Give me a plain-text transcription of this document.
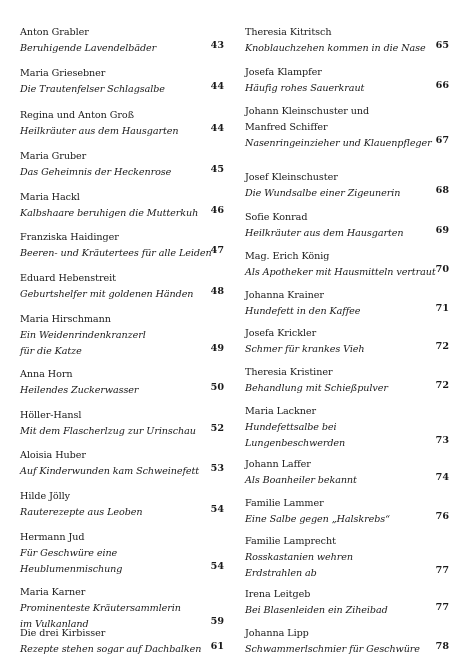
Anton Grabler
Beruhigende Lavendelbäder	43
Maria Griesebner
Die Trautenfelser Schlagsalbe	44
Regina und Anton Groß
Heilkräuter aus dem Hausgarten	44
Maria Gruber
Das Geheimnis der Heckenrose	45
Maria Hackl
Kalbshaare beruhigen die Mutterkuh 46
Franziska Haidinger
Beeren- und Kräutertees für alle Leiden 47
Eduard Hebenstreit
Geburtshelfer mit goldenen Händen 48
Maria Hirschmann
Ein Weidenrindenkranzerl
für die Katze	49
Anna Horn
Heilendes Zuckerwasser	50
Höller-Hansl
Mit dem Flascherlzug zur Urinschau 52
Aloisia Huber
Auf Kinderwunden kam Schweinefett 53
Hilde Jölly
Rauterezepte aus Leoben	54
Hermann Jud
Für Geschwüre eine
Heublumenmischung	54
Maria Karner
Prominenteste Kräutersammlerin
im Vulkanland	59
Die drei Kirbisser
Rezepte stehen sogar auf Dachbalken 61
Theresia Kitritsch
Knoblauchzehen kommen in die Nase 65
Josefa Klampfer
Häufig rohes Sauerkraut	66
Johann Kleinschuster und
Manfred Schiffer
Nasenringeinzieher und Klauenpfleger 67
Josef Kleinschuster
Die Wundsalbe einer Zigeunerin	68
Sofie Konrad
Heilkräuter aus dem Hausgarten	69
Mag. Erich König
Als Apotheker mit Hausmitteln vertraut 70
Johanna Krainer
Hundefett in den Kaffee	71
Josefa Krickler
Schmer für krankes Vieh	72
Theresia Kristiner
Behandlung mit Schießpulver	72
Maria Lackner
Hundefettsalbe bei
Lungenbeschwerden	73
Johann Laffer
Als Boanheiler bekannt	74
Familie Lammer
Eine Salbe gegen „Halskrebs“	76
Familie Lamprecht
Rosskastanien wehren
Erdstrahlen ab	77
Irena Leitgeb
Bei Blasenleiden ein Ziheibad	77
Johanna Lipp
Schwammerlschmier für Geschwüre 78
